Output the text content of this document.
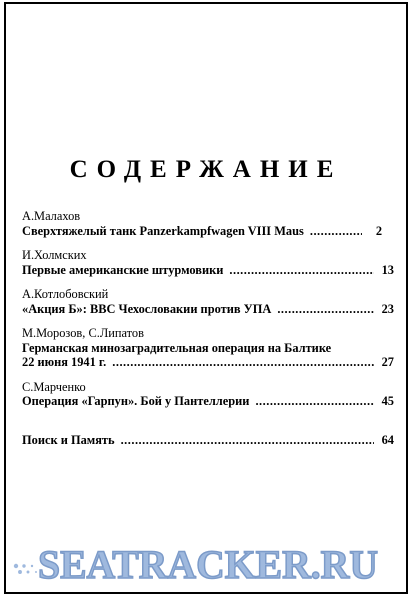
СОДЕРЖАНИЕ
А.Малахов
Сверхтяжелый танк Panzerkampfwagen VIII Maus .....	2
И.Холмских
Первые американские штурмовики .....	13
А.Котлобовский
«Акция Б»: ВВС Чехословакии против УПА .....	23
М.Морозов, С.Липатов
Германская минозаградительная операция на Балтике
22 июня 1941 г. .....	27
С.Марченко
Операция «Гарпун». Бой у Пантеллерии .....	45
Поиск и Память .....	64
SEATRACKER.RU
